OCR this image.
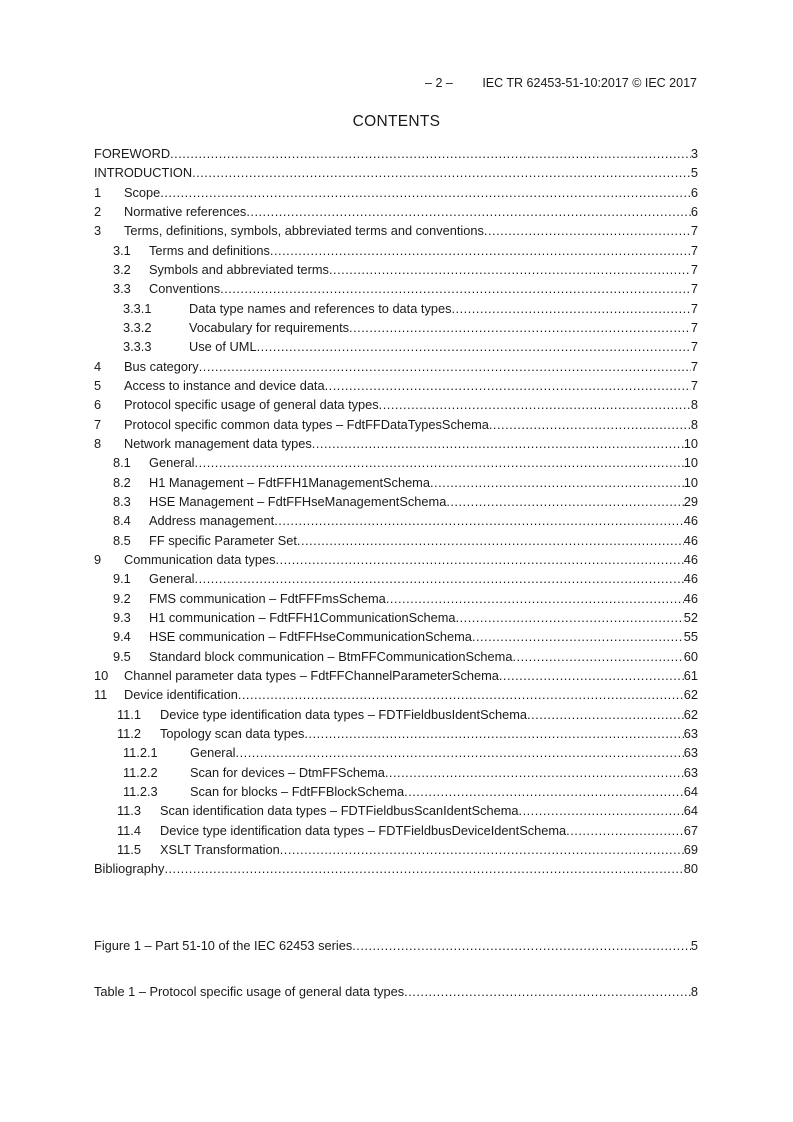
– 2 – IEC TR 62453-51-10:2017 © IEC 2017
CONTENTS
FOREWORD .....	3
INTRODUCTION .....	5
1	Scope .....	6
2	Normative references .....	6
3	Terms, definitions, symbols, abbreviated terms and conventions .....	7
3.1	Terms and definitions .....	7
3.2	Symbols and abbreviated terms .....	7
3.3	Conventions .....	7
3.3.1	Data type names and references to data types .....	7
3.3.2	Vocabulary for requirements .....	7
3.3.3	Use of UML .....	7
4	Bus category .....	7
5	Access to instance and device data .....	7
6	Protocol specific usage of general data types .....	8
7	Protocol specific common data types – FdtFFDataTypesSchema .....	8
8	Network management data types .....	10
8.1	General .....	10
8.2	H1 Management – FdtFFH1ManagementSchema .....	10
8.3	HSE Management – FdtFFHseManagementSchema .....	29
8.4	Address management .....	46
8.5	FF specific Parameter Set .....	46
9	Communication data types .....	46
9.1	General .....	46
9.2	FMS communication – FdtFFFmsSchema .....	46
9.3	H1 communication – FdtFFH1CommunicationSchema .....	52
9.4	HSE communication – FdtFFHseCommunicationSchema .....	55
9.5	Standard block communication – BtmFFCommunicationSchema .....	60
10	Channel parameter data types – FdtFFChannelParameterSchema .....	61
11	Device identification .....	62
11.1	Device type identification data types – FDTFieldbusIdentSchema .....	62
11.2	Topology scan data types .....	63
11.2.1	General .....	63
11.2.2	Scan for devices – DtmFFSchema .....	63
11.2.3	Scan for blocks – FdtFFBlockSchema .....	64
11.3	Scan identification data types – FDTFieldbusScanIdentSchema .....	64
11.4	Device type identification data types – FDTFieldbusDeviceIdentSchema .....	67
11.5	XSLT Transformation .....	69
Bibliography .....	80
Figure 1 – Part 51-10 of the IEC 62453 series .....	5
Table 1 – Protocol specific usage of general data types .....	8
